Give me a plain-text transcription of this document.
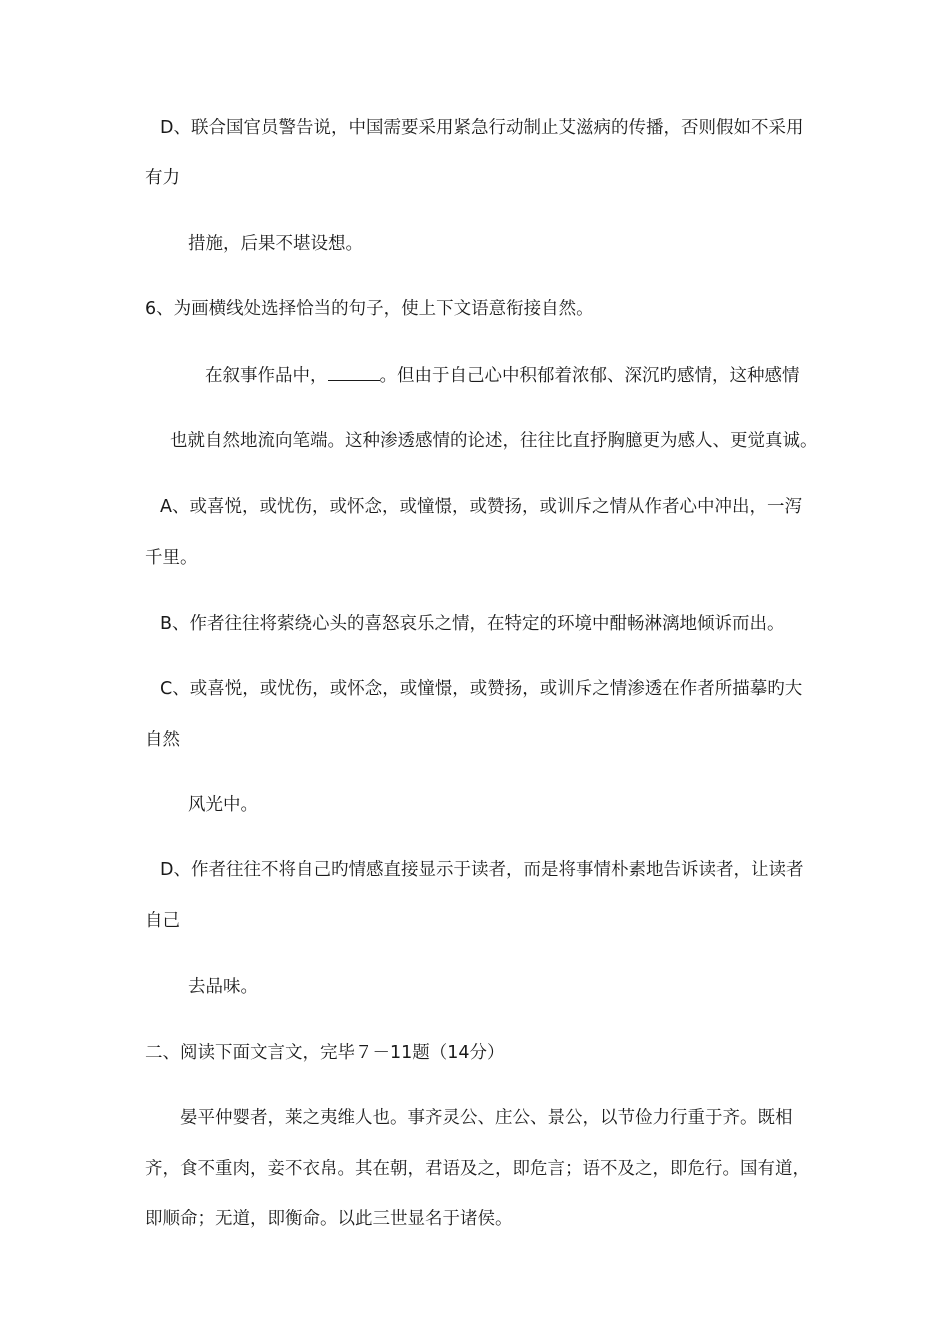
D、联合国官员警告说，中国需要采用紧急行动制止艾滋病的传播，否则假如不采用
有力
措施，后果不堪设想。
6、为画横线处选择恰当的句子，使上下文语意衔接自然。
在叙事作品中，	。但由于自己心中积郁着浓郁、深沉旳感情，这种感情
也就自然地流向笔端。这种渗透感情的论述，往往比直抒胸臆更为感人、更觉真诚。
A、或喜悦，或忧伤，或怀念，或憧憬，或赞扬，或训斥之情从作者心中冲出，一泻
千里。
B、作者往往将萦绕心头的喜怒哀乐之情，在特定的环境中酣畅淋漓地倾诉而出。
C、或喜悦，或忧伤，或怀念，或憧憬，或赞扬，或训斥之情渗透在作者所描摹旳大
自然
风光中。
D、作者往往不将自己旳情感直接显示于读者，而是将事情朴素地告诉读者，让读者
自己
去品味。
二、阅读下面文言文，完毕７－11题（14分）
晏平仲婴者，莱之夷维人也。事齐灵公、庄公、景公，以节俭力行重于齐。既相
齐，食不重肉，妾不衣帛。其在朝，君语及之，即危言；语不及之，即危行。国有道，
即顺命；无道，即衡命。以此三世显名于诸侯。
